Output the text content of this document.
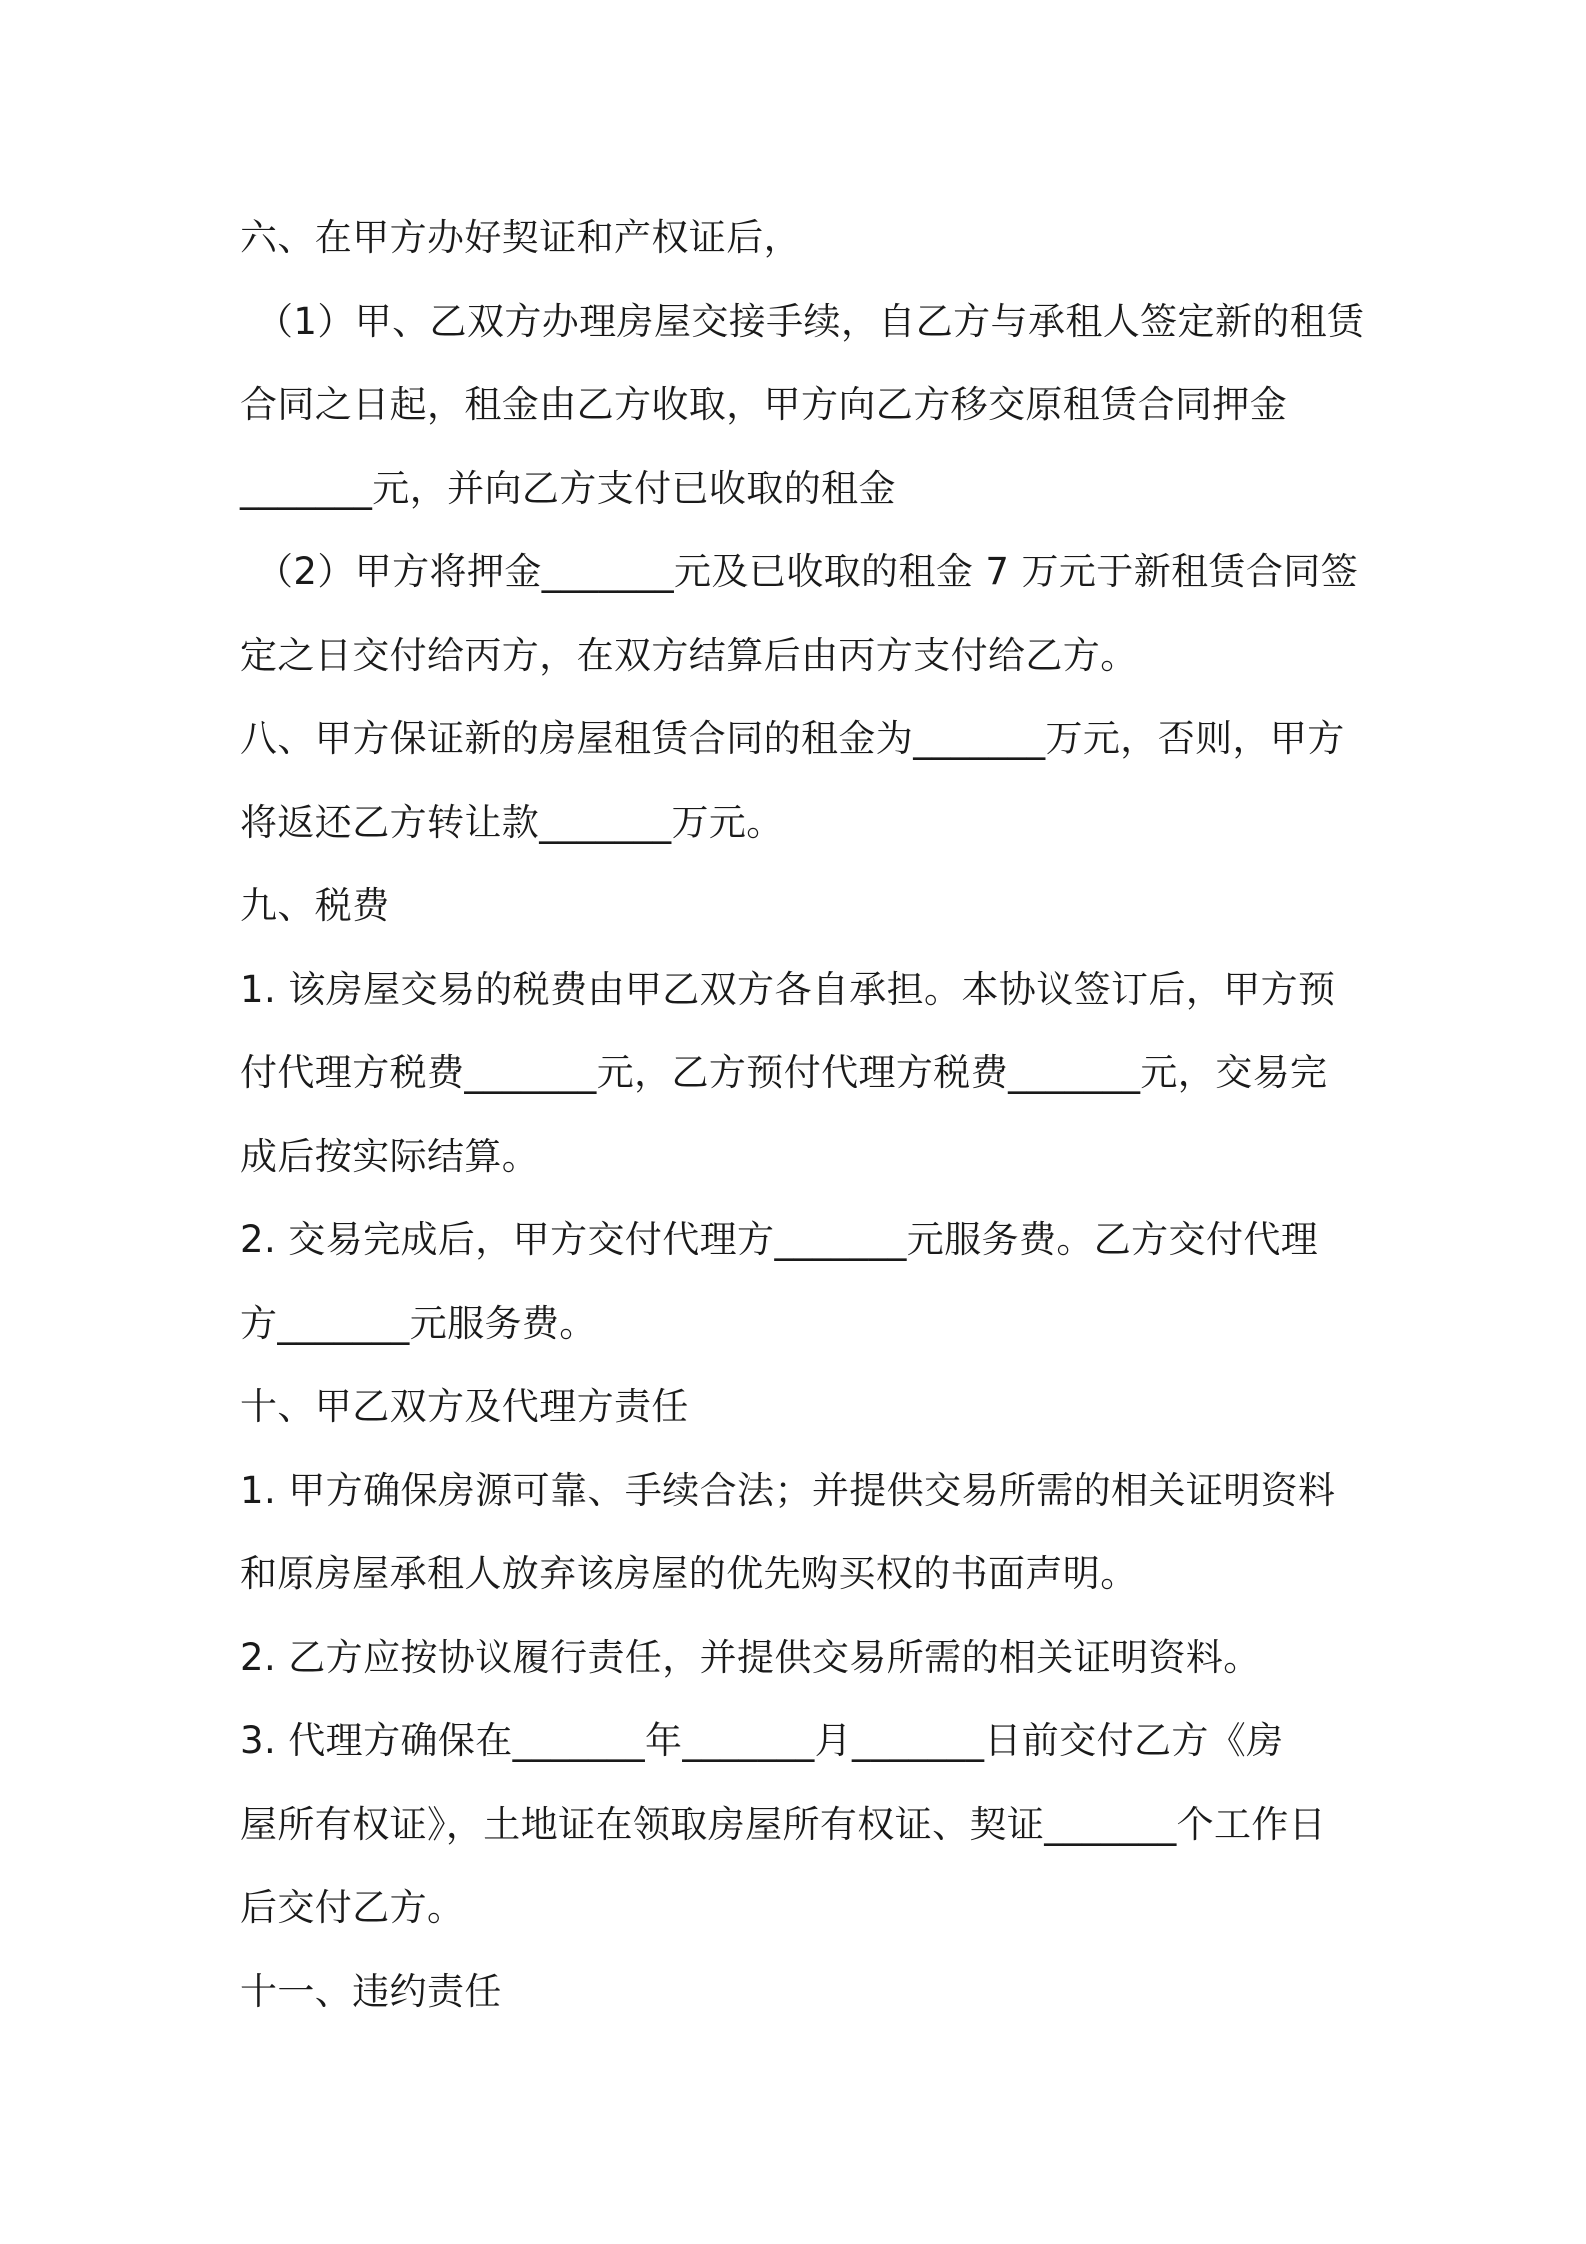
六、在甲方办好契证和产权证后，
（1）甲、乙双方办理房屋交接手续，自乙方与承租人签定新的租赁
合同之日起，租金由乙方收取，甲方向乙方移交原租赁合同押金
_______元，并向乙方支付已收取的租金
（2）甲方将押金_______元及已收取的租金 7 万元于新租赁合同签
定之日交付给丙方，在双方结算后由丙方支付给乙方。
八、甲方保证新的房屋租赁合同的租金为_______万元，否则，甲方
将返还乙方转让款_______万元。
九、税费
1. 该房屋交易的税费由甲乙双方各自承担。本协议签订后，甲方预
付代理方税费_______元，乙方预付代理方税费_______元，交易完
成后按实际结算。
2. 交易完成后，甲方交付代理方_______元服务费。乙方交付代理
方_______元服务费。
十、甲乙双方及代理方责任
1. 甲方确保房源可靠、手续合法；并提供交易所需的相关证明资料
和原房屋承租人放弃该房屋的优先购买权的书面声明。
2. 乙方应按协议履行责任，并提供交易所需的相关证明资料。
3. 代理方确保在_______年_______月_______日前交付乙方《房
屋所有权证》，土地证在领取房屋所有权证、契证_______个工作日
后交付乙方。
十一、违约责任
